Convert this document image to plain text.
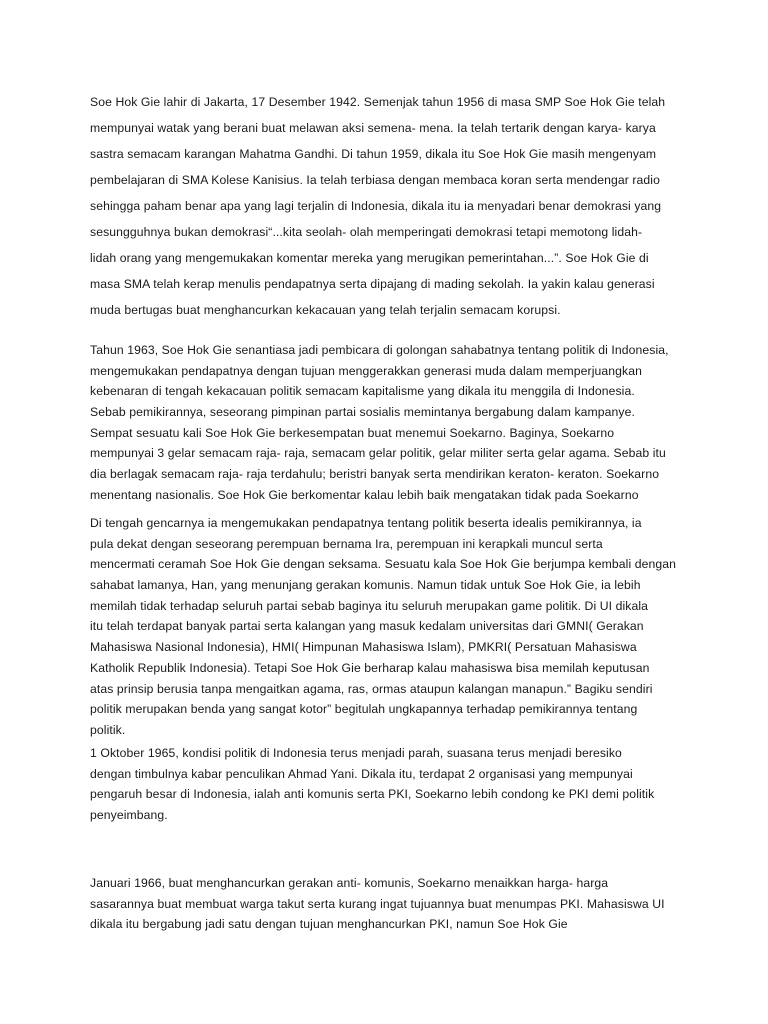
Soe Hok Gie lahir di Jakarta, 17 Desember 1942. Semenjak tahun 1956 di masa SMP Soe Hok Gie telah
mempunyai watak yang berani buat melawan aksi semena- mena. Ia telah tertarik dengan karya- karya
sastra semacam karangan Mahatma Gandhi. Di tahun 1959, dikala itu Soe Hok Gie masih mengenyam
pembelajaran di SMA Kolese Kanisius. Ia telah terbiasa dengan membaca koran serta mendengar radio
sehingga paham benar apa yang lagi terjalin di Indonesia, dikala itu ia menyadari benar demokrasi yang
sesungguhnya bukan demokrasi“...kita seolah- olah memperingati demokrasi tetapi memotong lidah-
lidah orang yang mengemukakan komentar mereka yang merugikan pemerintahan...”. Soe Hok Gie di
masa SMA telah kerap menulis pendapatnya serta dipajang di mading sekolah. Ia yakin kalau generasi
muda bertugas buat menghancurkan kekacauan yang telah terjalin semacam korupsi.

Tahun 1963, Soe Hok Gie senantiasa jadi pembicara di golongan sahabatnya tentang politik di Indonesia,
mengemukakan pendapatnya dengan tujuan menggerakkan generasi muda dalam memperjuangkan
kebenaran di tengah kekacauan politik semacam kapitalisme yang dikala itu menggila di Indonesia.
Sebab pemikirannya, seseorang pimpinan partai sosialis memintanya bergabung dalam kampanye.
Sempat sesuatu kali Soe Hok Gie berkesempatan buat menemui Soekarno. Baginya, Soekarno
mempunyai 3 gelar semacam raja- raja, semacam gelar politik, gelar militer serta gelar agama. Sebab itu
dia berlagak semacam raja- raja terdahulu; beristri banyak serta mendirikan keraton- keraton. Soekarno
menentang nasionalis. Soe Hok Gie berkomentar kalau lebih baik mengatakan tidak pada Soekarno

Di tengah gencarnya ia mengemukakan pendapatnya tentang politik beserta idealis pemikirannya, ia
pula dekat dengan seseorang perempuan bernama Ira, perempuan ini kerapkali muncul serta
mencermati ceramah Soe Hok Gie dengan seksama. Sesuatu kala Soe Hok Gie berjumpa kembali dengan
sahabat lamanya, Han, yang menunjang gerakan komunis. Namun tidak untuk Soe Hok Gie, ia lebih
memilah tidak terhadap seluruh partai sebab baginya itu seluruh merupakan game politik. Di UI dikala
itu telah terdapat banyak partai serta kalangan yang masuk kedalam universitas dari GMNI( Gerakan
Mahasiswa Nasional Indonesia), HMI( Himpunan Mahasiswa Islam), PMKRI( Persatuan Mahasiswa
Katholik Republik Indonesia). Tetapi Soe Hok Gie berharap kalau mahasiswa bisa memilah keputusan
atas prinsip berusia tanpa mengaitkan agama, ras, ormas ataupun kalangan manapun.” Bagiku sendiri
politik merupakan benda yang sangat kotor” begitulah ungkapannya terhadap pemikirannya tentang
politik.

1 Oktober 1965, kondisi politik di Indonesia terus menjadi parah, suasana terus menjadi beresiko
dengan timbulnya kabar penculikan Ahmad Yani. Dikala itu, terdapat 2 organisasi yang mempunyai
pengaruh besar di Indonesia, ialah anti komunis serta PKI, Soekarno lebih condong ke PKI demi politik
penyeimbang.

Januari 1966, buat menghancurkan gerakan anti- komunis, Soekarno menaikkan harga- harga
sasarannya buat membuat warga takut serta kurang ingat tujuannya buat menumpas PKI. Mahasiswa UI
dikala itu bergabung jadi satu dengan tujuan menghancurkan PKI, namun Soe Hok Gie
